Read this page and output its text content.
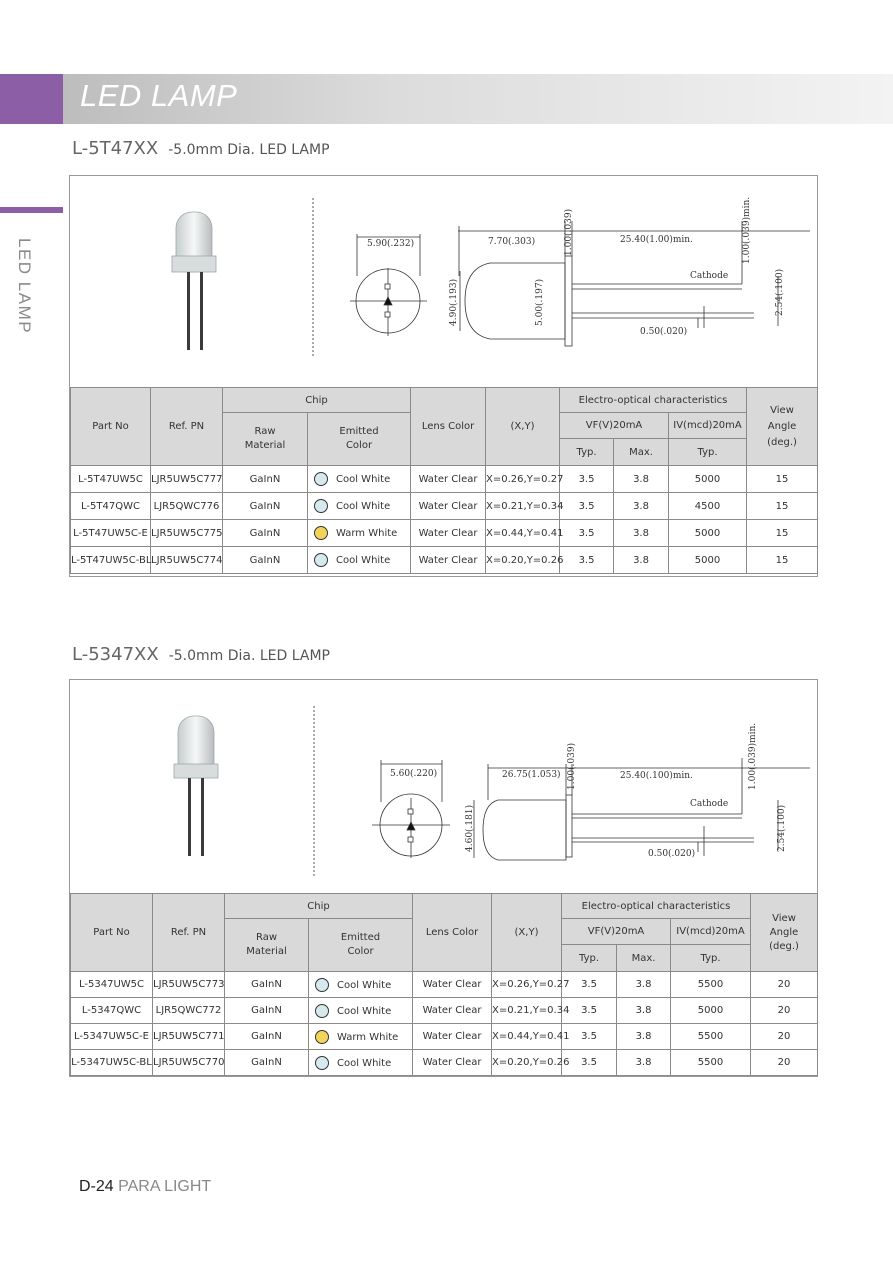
LED LAMP
LED LAMP
L-5T47XX -5.0mm Dia. LED LAMP
5.90(.232)	7.70(.303)	25.40(1.00)min.
Cathode
0.50(.020)
1.00(.039)	1.00(.039)min.
4.90(.193)	5.00(.197)	2.54(.100)
Part No	Ref. PN	Chip		Lens Color	(X,Y)	Electro-optical characteristics			View
Angle
(deg.)
		Raw
Material	Emitted
Color			VF(V)20mA		IV(mcd)20mA	
						Typ.	Max.	Typ.	
L-5T47UW5C	LJR5UW5C777	GaInN	Cool White	Water Clear	X=0.26,Y=0.27	3.5	3.8	5000	15
L-5T47QWC	LJR5QWC776	GaInN	Cool White	Water Clear	X=0.21,Y=0.34	3.5	3.8	4500	15
L-5T47UW5C-E	LJR5UW5C775	GaInN	Warm White	Water Clear	X=0.44,Y=0.41	3.5	3.8	5000	15
L-5T47UW5C-BL	LJR5UW5C774	GaInN	Cool White	Water Clear	X=0.20,Y=0.26	3.5	3.8	5000	15
L-5347XX -5.0mm Dia. LED LAMP
5.60(.220)	26.75(1.053)	25.40(.100)min.
Cathode
0.50(.020)
1.00(.039)	1.00(.039)min.
4.60(.181)	2.54(.100)
Part No	Ref. PN	Chip		Lens Color	(X,Y)	Electro-optical characteristics			View
Angle
(deg.)
		Raw
Material	Emitted
Color			VF(V)20mA		IV(mcd)20mA	
						Typ.	Max.	Typ.	
L-5347UW5C	LJR5UW5C773	GaInN	Cool White	Water Clear	X=0.26,Y=0.27	3.5	3.8	5500	20
L-5347QWC	LJR5QWC772	GaInN	Cool White	Water Clear	X=0.21,Y=0.34	3.5	3.8	5000	20
L-5347UW5C-E	LJR5UW5C771	GaInN	Warm White	Water Clear	X=0.44,Y=0.41	3.5	3.8	5500	20
L-5347UW5C-BL	LJR5UW5C770	GaInN	Cool White	Water Clear	X=0.20,Y=0.26	3.5	3.8	5500	20
D-24 PARA LIGHT
